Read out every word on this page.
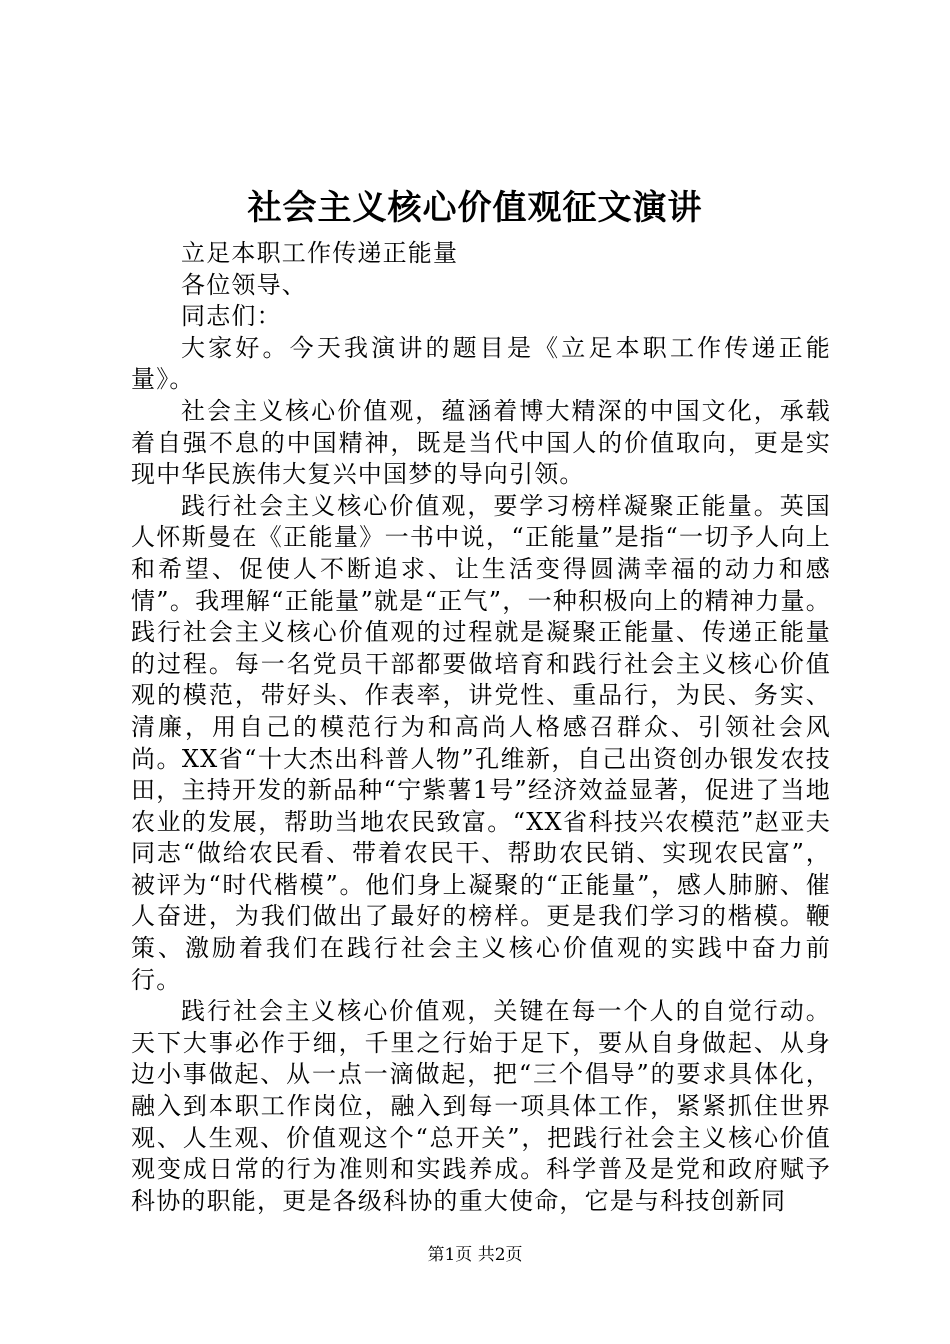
社会主义核心价值观征文演讲

立足本职工作传递正能量

各位领导、

同志们：

大家好。今天我演讲的题目是《立足本职工作传递正能量》。

社会主义核心价值观，蕴涵着博大精深的中国文化，承载着自强不息的中国精神，既是当代中国人的价值取向，更是实现中华民族伟大复兴中国梦的导向引领。

践行社会主义核心价值观，要学习榜样凝聚正能量。英国人怀斯曼在《正能量》一书中说，“正能量”是指“一切予人向上和希望、促使人不断追求、让生活变得圆满幸福的动力和感情”。我理解“正能量”就是“正气”，一种积极向上的精神力量。践行社会主义核心价值观的过程就是凝聚正能量、传递正能量的过程。每一名党员干部都要做培育和践行社会主义核心价值观的模范，带好头、作表率，讲党性、重品行，为民、务实、清廉，用自己的模范行为和高尚人格感召群众、引领社会风尚。XX省“十大杰出科普人物”孔维新，自己出资创办银发农技田，主持开发的新品种“宁紫薯1号”经济效益显著，促进了当地农业的发展，帮助当地农民致富。“XX省科技兴农模范”赵亚夫同志“做给农民看、带着农民干、帮助农民销、实现农民富”，被评为“时代楷模”。他们身上凝聚的“正能量”，感人肺腑、催人奋进，为我们做出了最好的榜样。更是我们学习的楷模。鞭策、激励着我们在践行社会主义核心价值观的实践中奋力前行。

践行社会主义核心价值观，关键在每一个人的自觉行动。天下大事必作于细，千里之行始于足下，要从自身做起、从身边小事做起、从一点一滴做起，把“三个倡导”的要求具体化，融入到本职工作岗位，融入到每一项具体工作，紧紧抓住世界观、人生观、价值观这个“总开关”，把践行社会主义核心价值观变成日常的行为准则和实践养成。科学普及是党和政府赋予科协的职能，更是各级科协的重大使命，它是与科技创新同

第1页 共2页
